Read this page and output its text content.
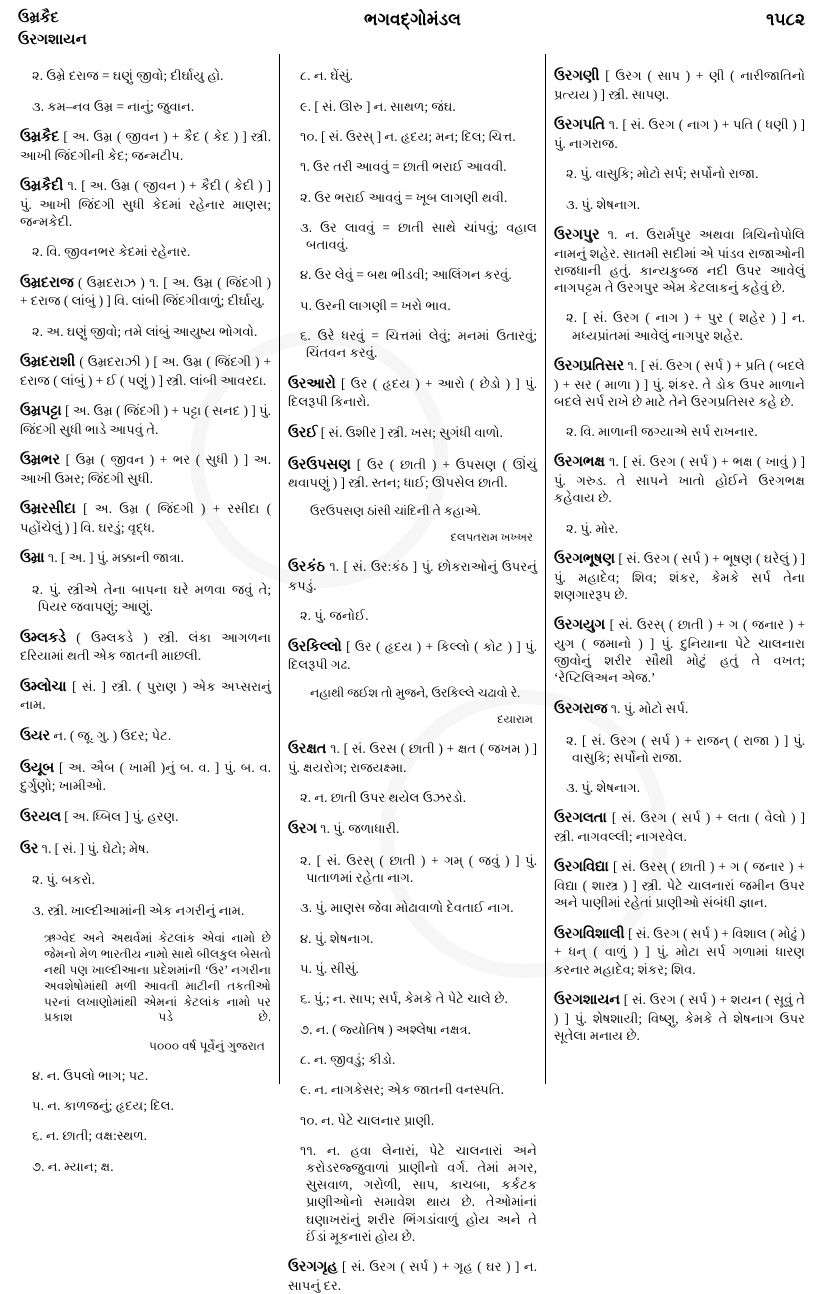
ઉમ્રકૈદ
ઉરગશાયન
ભગવદ્ગોમંડલ	૧૫૮૨

૨. ઉમ્રે દરાજ = ઘણું જીવો; દીર્ઘાયુ હો.

૩. કમ–નવ ઉમ્ર = નાનું; જુવાન.

ઉમ્રકૈદ [ અ. ઉમ્ર ( જીવન ) + કૈદ ( કેદ ) ] સ્ત્રી. આખી જિંદગીની કેદ; જન્મટીપ.

ઉમ્રકૈદી ૧. [ અ. ઉમ્ર ( જીવન ) + કૈદી ( કેદી ) ] પું. આખી જિંદગી સુધી કેદમાં રહેનાર માણસ; જન્મકેદી.

૨. વિ. જીવનભર કેદમાં રહેનાર.

ઉમ્રદરાજ ( ઉમ્રદરાઝ ) ૧. [ અ. ઉમ્ર ( જિંદગી ) + દરાજ ( લાંબું ) ] વિ. લાંબી જિંદગીવાળું; દીર્ઘાયુ.

૨. અ. ઘણું જીવો; તમે લાંબું આયુષ્ય ભોગવો.

ઉમ્રદરાશી ( ઉમ્રદરાઝી ) [ અ. ઉમ્ર ( જિંદગી ) + દરાજ ( લાંબું ) + ઈ ( પણું ) ] સ્ત્રી. લાંબી આવરદા.

ઉમ્રપટ્ટા [ અ. ઉમ્ર ( જિંદગી ) + પટ્ટા ( સનદ ) ] પું. જિંદગી સુધી ભાડે આપવું તે.

ઉમ્રભર [ ઉમ્ર ( જીવન ) + ભર ( સુધી ) ] અ. આખી ઉમર; જિંદગી સુધી.

ઉમ્રરસીદા [ અ. ઉમ્ર ( જિંદગી ) + રસીદા ( પહોંચેલું ) ] વિ. ઘરડું; વૃદ્ધ.

ઉમ્રા ૧. [ અ. ] પું. મક્કાની જાત્રા.

૨. પું. સ્ત્રીએ તેના બાપના ઘરે મળવા જવું તે; પિયર જવાપણું; આણું.

ઉમ્લકડે ( ઉમ્લકડે ) સ્ત્રી. લંકા આગળના દરિયામાં થતી એક જાતની માછલી.

ઉમ્લોચા [ સં. ] સ્ત્રી. ( પુરાણ ) એક અપ્સરાનું નામ.

ઉયર ન. ( જૂ. ગુ. ) ઉદર; પેટ.

ઉયૂબ [ અ. ઐબ ( ખામી )નું બ. વ. ] પું. બ. વ. દુર્ગુણો; ખામીઓ.

ઉરયલ [ અ. ધ્બિલ ] પું. હરણ.

ઉર ૧. [ સં. ] પું. ઘેટો; મેષ.

૨. પું. બકરો.

૩. સ્ત્રી. ખાલ્દીઆમાંની એક નગરીનું નામ.

ઋગ્વેદ અને અથર્વમાં કેટલાંક એવાં નામો છે જેમનો મેળ ભારતીય નામો સાથે બીલકુલ બેસતો નથી પણ ખાલ્દીઆના પ્રદેશમાંની ‘ઉર’ નગરીના અવશેષોમાંથી મળી આવતી માટીની તકતીઓ પરનાં લખાણોમાંથી એમનાં કેટલાંક નામો પર પ્રકાશ પડે છે.

૫૦૦૦ વર્ષ પૂર્વેનું ગુજરાત

૪. ન. ઉપલો ભાગ; પટ.

૫. ન. કાળજનું; હૃદય; દિલ.

૬. ન. છાતી; વક્ષ:સ્થળ.

૭. ન. મ્યાન; ક્ષ.

૮. ન. ઘેંસું.

૯. [ સં. ઊરુ ] ન. સાથળ; જંઘ.

૧૦. [ સં. ઉરસ્ ] ન. હૃદય; મન; દિલ; ચિત્ત.

૧. ઉર તરી આવવું = છાતી ભરાઈ આવવી.

૨. ઉર ભરાઈ આવવું = ખૂબ લાગણી થવી.

૩. ઉર લાવવું = છાતી સાથે ચાંપવું; વહાલ બતાવવું.

૪. ઉર લેવું = બથ ભીડવી; આલિંગન કરવું.

૫. ઉરની લાગણી = ખરો ભાવ.

૬. ઉરે ધરવું = ચિત્તમાં લેવું; મનમાં ઉતારવું; ચિંતવન કરવું.

ઉરઆરો [ ઉર ( હૃદય ) + આરો ( છેડો ) ] પું. દિલરૂપી કિનારો.

ઉરઈ [ સં. ઉશીર ] સ્ત્રી. ખસ; સુગંધી વાળો.

ઉરઉપસણ [ ઉર ( છાતી ) + ઉપસણ ( ઊંચું થવાપણું ) ] સ્ત્રી. સ્તન; ધાઈ; ઊપસેલ છાતી.

ઉરઉપસણ ઠાંસી ચાંદિની તે કહાએ.

દલપતરામ ખખ્ખર

ઉરકંઠ ૧. [ સં. ઉર:કંઠ ] પું. છોકરાઓનું ઉપરનું કપડું.

૨. પું. જનોઈ.

ઉરકિલ્લો [ ઉર ( હૃદય ) + કિલ્લો ( કોટ ) ] પું. દિલરૂપી ગઢ.

નહાથી જઈશ તો મુજને, ઉરકિલ્લે ચઢાવો રે.

દયારામ

ઉરક્ષત ૧. [ સં. ઉરસ ( છાતી ) + ક્ષત ( જખમ ) ] પું. ક્ષયરોગ; રાજયક્ષ્મા.

૨. ન. છાતી ઉપર થયેલ ઉઝરડો.

ઉરગ ૧. પું. જળાધારી.

૨. [ સં. ઉરસ્ ( છાતી ) + ગમ્ ( જવું ) ] પું. પાતાળમાં રહેતા નાગ.

૩. પું. માણસ જેવા મોઢાવાળો દેવતાઈ નાગ.

૪. પું. શેષનાગ.

૫. પું. સીસું.

૬. પું.; ન. સાપ; સર્પ, કેમકે તે પેટે ચાલે છે.

૭. ન. ( જ્યોતિષ ) અશ્લેષા નક્ષત્ર.

૮. ન. જીવડું; કીડો.

૯. ન. નાગકેસર; એક જાતની વનસ્પતિ.

૧૦. ન. પેટે ચાલનાર પ્રાણી.

૧૧. ન. હવા લેનારાં, પેટે ચાલનારાં અને કરોડરજ્જુવાળાં પ્રાણીનો વર્ગ. તેમાં મગર, સુસવાળ, ગરોળી, સાપ, કાચબા, કર્કટક પ્રાણીઓનો સમાવેશ થાય છે. તેઓમાંનાં ઘણાખરાંનું શરીર ભિંગડાંવાળું હોય અને તે ઈંડાં મૂકનારાં હોય છે.

ઉરગગૃહ [ સં. ઉરગ ( સર્પ ) + ગૃહ ( ઘર ) ] ન. સાપનું દર.

ઉરગણી [ ઉરગ ( સાપ ) + ણી ( નારીજાતિનો પ્રત્યય ) ] સ્ત્રી. સાપણ.

ઉરગપતિ ૧. [ સં. ઉરગ ( નાગ ) + પતિ ( ધણી ) ] પું. નાગરાજ.

૨. પું. વાસુકિ; મોટો સર્પ; સર્પોનો રાજા.

૩. પું. શેષનાગ.

ઉરગપુર ૧. ન. ઉરાર્મપુર અથવા ત્રિચિનોપોલિ નામનું શહેર. સાતમી સદીમાં એ પાંડવ રાજાઓની રાજધાની હતું. કાન્યકુબ્જ નદી ઉપર આવેલું નાગપટ્ટમ તે ઉરગપુર એમ કેટલાકનું કહેવું છે.

૨. [ સં. ઉરગ ( નાગ ) + પુર ( શહેર ) ] ન. મધ્યપ્રાંતમાં આવેલું નાગપુર શહેર.

ઉરગપ્રતિસર ૧. [ સં. ઉરગ ( સર્પ ) + પ્રતિ ( બદલે ) + સર ( માળા ) ] પું. શંકર. તે ડોક ઉપર માળાને બદલે સર્પ રાખે છે માટે તેને ઉરગપ્રતિસર કહે છે.

૨. વિ. માળાની જગ્યાએ સર્પ રાખનાર.

ઉરગભક્ષ ૧. [ સં. ઉરગ ( સર્પ ) + ભક્ષ ( ખાવું ) ] પું. ગરુડ. તે સાપને ખાતો હોઈને ઉરગભક્ષ કહેવાય છે.

૨. પું. મોર.

ઉરગભૂષણ [ સં. ઉરગ ( સર્પ ) + ભૂષણ ( ઘરેલું ) ] પું. મહાદેવ; શિવ; શંકર, કેમકે સર્પ તેના શણગારરૂપ છે.

ઉરગયુગ [ સં. ઉરસ્ ( છાતી ) + ગ ( જનાર ) + યુગ ( જમાનો ) ] પું. દુનિયાના પેટે ચાલનારા જીવોનું શરીર સૌથી મોટું હતું તે વખત; ‘રેપ્ટિલિઅન એજ.’

ઉરગરાજ ૧. પું. મોટો સર્પ.

૨. [ સં. ઉરગ ( સર્પ ) + રાજન્ ( રાજા ) ] પું. વાસુકિ; સર્પોનો રાજા.

૩. પું. શેષનાગ.

ઉરગલતા [ સં. ઉરગ ( સર્પ ) + લતા ( વેલો ) ] સ્ત્રી. નાગવલ્લી; નાગરવેલ.

ઉરગવિદ્યા [ સં. ઉરસ્ ( છાતી ) + ગ ( જનાર ) + વિદ્યા ( શાસ્ત્ર ) ] સ્ત્રી. પેટે ચાલનારાં જમીન ઉપર અને પાણીમાં રહેતાં પ્રાણીઓ સંબંધી જ્ઞાન.

ઉરગવિશાલી [ સં. ઉરગ ( સર્પ ) + વિશાલ ( મોઢું ) + ધન્ ( વાળું ) ] પું. મોટા સર્પ ગળામાં ધારણ કરનાર મહાદેવ; શંકર; શિવ.

ઉરગશાયન [ સં. ઉરગ ( સર્પ ) + શયન ( સૂવું તે ) ] પું. શેષશાયી; વિષ્ણુ, કેમકે તે શેષનાગ ઉપર સૂતેલા મનાય છે.
